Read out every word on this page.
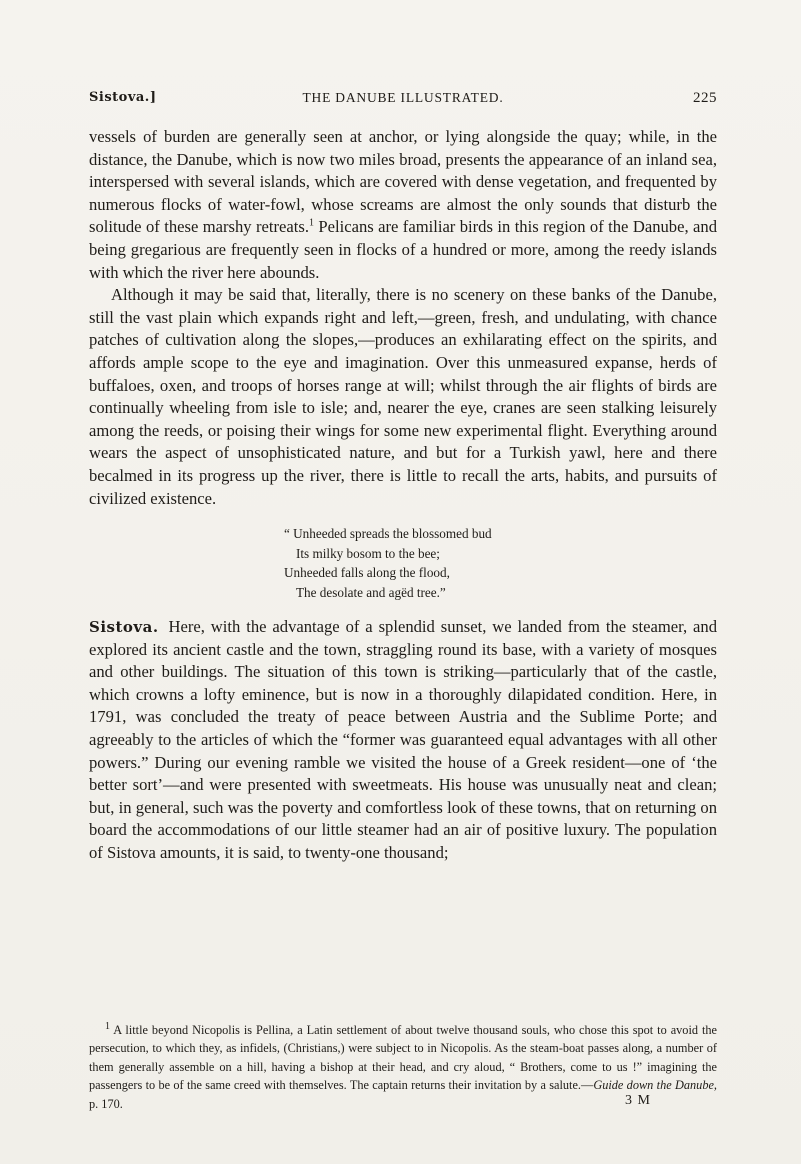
Sistova.]	THE DANUBE ILLUSTRATED.	225

vessels of burden are generally seen at anchor, or lying alongside the quay; while, in the distance, the Danube, which is now two miles broad, presents the appearance of an inland sea, interspersed with several islands, which are covered with dense vegetation, and frequented by numerous flocks of water-fowl, whose screams are almost the only sounds that disturb the solitude of these marshy retreats.$^1$ Pelicans are familiar birds in this region of the Danube, and being gregarious are frequently seen in flocks of a hundred or more, among the reedy islands with which the river here abounds.

Although it may be said that, literally, there is no scenery on these banks of the Danube, still the vast plain which expands right and left,—green, fresh, and undulating, with chance patches of cultivation along the slopes,—produces an exhilarating effect on the spirits, and affords ample scope to the eye and imagination. Over this unmeasured expanse, herds of buffaloes, oxen, and troops of horses range at will; whilst through the air flights of birds are continually wheeling from isle to isle; and, nearer the eye, cranes are seen stalking leisurely among the reeds, or poising their wings for some new experimental flight. Everything around wears the aspect of unsophisticated nature, and but for a Turkish yawl, here and there becalmed in its progress up the river, there is little to recall the arts, habits, and pursuits of civilized existence.

“ Unheeded spreads the blossomed bud
Its milky bosom to the bee;
Unheeded falls along the flood,
The desolate and agëd tree.”

Sistova. Here, with the advantage of a splendid sunset, we landed from the steamer, and explored its ancient castle and the town, straggling round its base, with a variety of mosques and other buildings. The situation of this town is striking—particularly that of the castle, which crowns a lofty eminence, but is now in a thoroughly dilapidated condition. Here, in 1791, was concluded the treaty of peace between Austria and the Sublime Porte; and agreeably to the articles of which the “former was guaranteed equal advantages with all other powers.” During our evening ramble we visited the house of a Greek resident—one of ‘the better sort’—and were presented with sweetmeats. His house was unusually neat and clean; but, in general, such was the poverty and comfortless look of these towns, that on returning on board the accommodations of our little steamer had an air of positive luxury. The population of Sistova amounts, it is said, to twenty-one thousand;

$^1$ A little beyond Nicopolis is Pellina, a Latin settlement of about twelve thousand souls, who chose this spot to avoid the persecution, to which they, as infidels, (Christians,) were subject to in Nicopolis. As the steam-boat passes along, a number of them generally assemble on a hill, having a bishop at their head, and cry aloud, “ Brothers, come to us !” imagining the passengers to be of the same creed with themselves. The captain returns their invitation by a salute.—Guide down the Danube, p. 170.	3 M
